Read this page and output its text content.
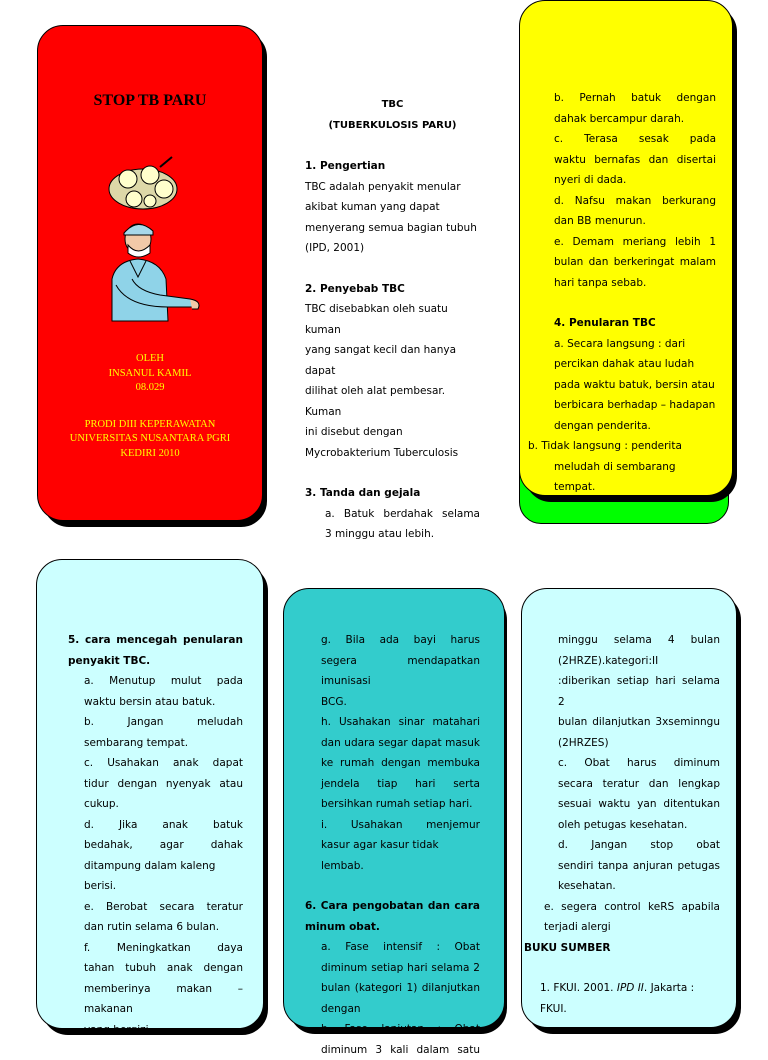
STOP TB PARU
OLEH
INSANUL KAMIL
08.029
PRODI DIII KEPERAWATAN
UNIVERSITAS NUSANTARA PGRI
KEDIRI 2010
TBC
(TUBERKULOSIS PARU)
1. Pengertian
TBC adalah penyakit menular
akibat kuman yang dapat
menyerang semua bagian tubuh
(IPD, 2001)
2. Penyebab TBC
TBC disebabkan oleh suatu kuman
yang sangat kecil dan hanya dapat
dilihat oleh alat pembesar. Kuman
ini disebut dengan
Mycrobakterium Tuberculosis
3. Tanda dan gejala
a. Batuk berdahak selama
3 minggu atau lebih.
b. Pernah batuk dengan
dahak bercampur darah.
c. Terasa sesak pada
waktu bernafas dan disertai
nyeri di dada.
d. Nafsu makan berkurang
dan BB menurun.
e. Demam meriang lebih 1
bulan dan berkeringat malam
hari tanpa sebab.
4. Penularan TBC
a. Secara langsung : dari
percikan dahak atau ludah
pada waktu batuk, bersin atau
berbicara berhadap – hadapan
dengan penderita.
b. Tidak langsung : penderita
meludah di sembarang tempat.
5. cara mencegah penularan
penyakit TBC.
a. Menutup mulut pada
waktu bersin atau batuk.
b. Jangan meludah
sembarang tempat.
c. Usahakan anak dapat
tidur dengan nyenyak atau
cukup.
d. Jika anak batuk
bedahak, agar dahak
ditampung dalam kaleng berisi.
e. Berobat secara teratur
dan rutin selama 6 bulan.
f. Meningkatkan daya
tahan tubuh anak dengan
memberinya makan – makanan
yang bergizi.
g. Bila ada bayi harus
segera mendapatkan imunisasi
BCG.
h. Usahakan sinar matahari
dan udara segar dapat masuk
ke rumah dengan membuka
jendela tiap hari serta
bersihkan rumah setiap hari.
i. Usahakan menjemur
kasur agar kasur tidak lembab.
6. Cara pengobatan dan cara
minum obat.
a. Fase intensif : Obat
diminum setiap hari selama 2
bulan (kategori 1) dilanjutkan
dengan
b. Fase lanjutan : Obat
diminum 3 kali dalam satu
minggu selama 4 bulan
(2HRZE).kategori:II
:diberikan setiap hari selama 2
bulan dilanjutkan 3xseminngu
(2HRZES)
c. Obat harus diminum
secara teratur dan lengkap
sesuai waktu yan ditentukan
oleh petugas kesehatan.
d. Jangan stop obat
sendiri tanpa anjuran petugas
kesehatan.
e. segera control keRS apabila
terjadi alergi
BUKU SUMBER
1. FKUI. 2001. IPD II. Jakarta :
FKUI.
